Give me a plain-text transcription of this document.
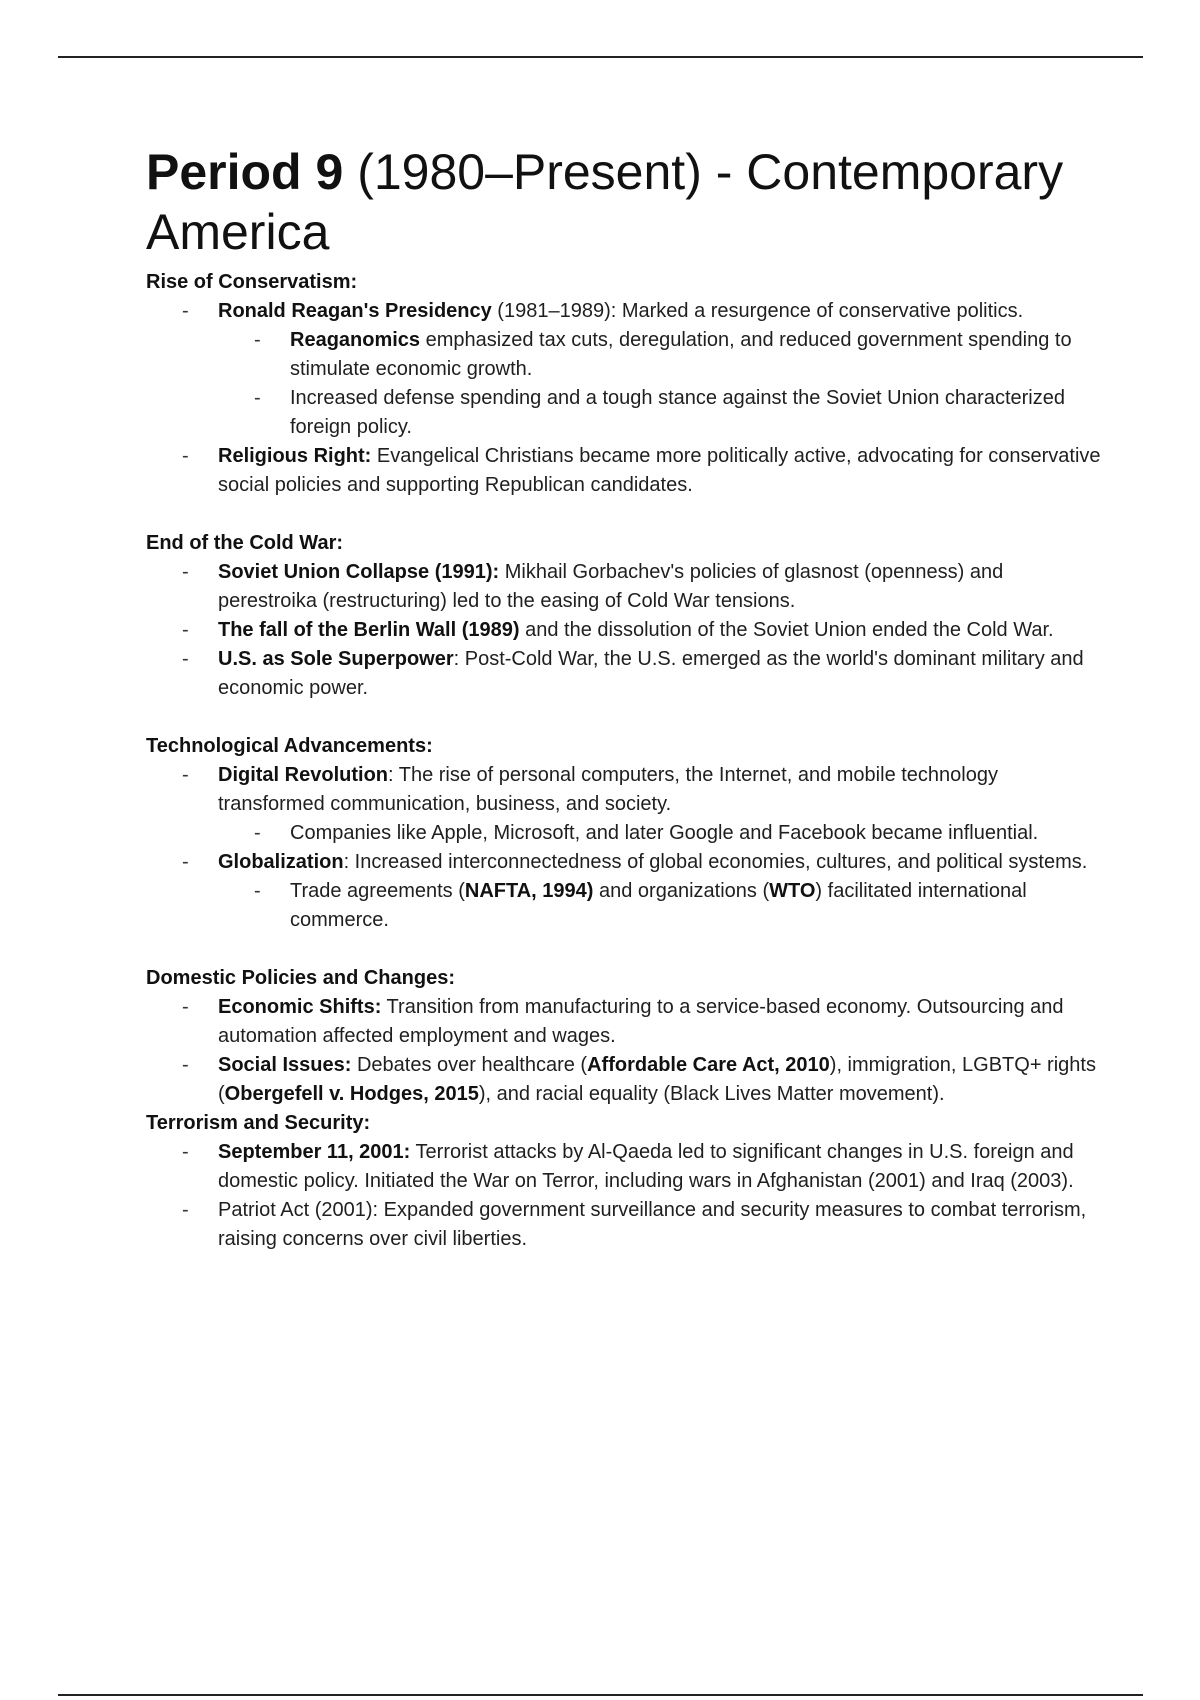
Period 9 (1980–Present) - Contemporary America

Rise of Conservatism:

- Ronald Reagan's Presidency (1981–1989): Marked a resurgence of conservative politics.
- Reaganomics emphasized tax cuts, deregulation, and reduced government spending to stimulate economic growth.
- Increased defense spending and a tough stance against the Soviet Union characterized foreign policy.
- Religious Right: Evangelical Christians became more politically active, advocating for conservative social policies and supporting Republican candidates.

End of the Cold War:

- Soviet Union Collapse (1991): Mikhail Gorbachev's policies of glasnost (openness) and perestroika (restructuring) led to the easing of Cold War tensions.
- The fall of the Berlin Wall (1989) and the dissolution of the Soviet Union ended the Cold War.
- U.S. as Sole Superpower: Post-Cold War, the U.S. emerged as the world's dominant military and economic power.

Technological Advancements:

- Digital Revolution: The rise of personal computers, the Internet, and mobile technology transformed communication, business, and society.
- Companies like Apple, Microsoft, and later Google and Facebook became influential.
- Globalization: Increased interconnectedness of global economies, cultures, and political systems.
- Trade agreements (NAFTA, 1994) and organizations (WTO) facilitated international commerce.

Domestic Policies and Changes:

- Economic Shifts: Transition from manufacturing to a service-based economy. Outsourcing and automation affected employment and wages.
- Social Issues: Debates over healthcare (Affordable Care Act, 2010), immigration, LGBTQ+ rights (Obergefell v. Hodges, 2015), and racial equality (Black Lives Matter movement).

Terrorism and Security:

- September 11, 2001: Terrorist attacks by Al-Qaeda led to significant changes in U.S. foreign and domestic policy. Initiated the War on Terror, including wars in Afghanistan (2001) and Iraq (2003).
- Patriot Act (2001): Expanded government surveillance and security measures to combat terrorism, raising concerns over civil liberties.
